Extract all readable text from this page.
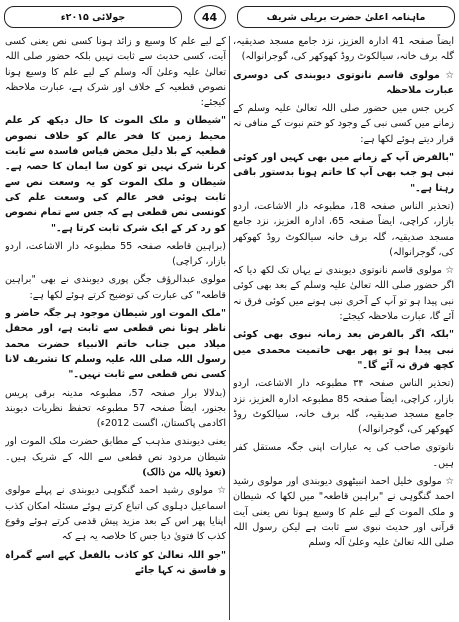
جولائی ۲۰۱۵ء	44	ماہنامہ اعلیٰ حضرت بریلی شریف

ایضاً صفحہ 41 ادارہ العزیز، نزد جامع مسجد صدیقیہ، گلہ برف خانہ، سیالکوٹ روڈ کھوکھر کی، گوجرانوالہ)

☆ مولوی قاسم نانوتوی دیوبندی کی دوسری عبارت ملاحظہ

کریں جس میں حضور صلی اللہ تعالیٰ علیہ وسلم کے زمانے میں کسی نبی کے وجود کو ختم نبوت کے منافی نہ قرار دیتے ہوئے لکھا ہے:

"بالفرض آپ کے زمانے میں بھی کہیں اور کوئی نبی ہو جب بھی آپ کا خاتم ہونا بدستور باقی رہتا ہے۔"

(تحذیر الناس صفحہ 18، مطبوعہ دار الاشاعت، اردو بازار، کراچی، ایضاً صفحہ 65، ادارہ العزیز، نزد جامع مسجد صدیقیہ، گلہ برف خانہ سیالکوٹ روڈ کھوکھر کی، گوجرانوالہ)

☆ مولوی قاسم نانوتوی دیوبندی نے یہاں تک لکھ دیا کہ اگر حضور صلی اللہ تعالیٰ علیہ وسلم کے بعد بھی کوئی نبی پیدا ہو تو آپ کے آخری نبی ہونے میں کوئی فرق نہ آئے گا، عبارت ملاحظہ کیجئے:

"بلکہ اگر بالفرض بعد زمانہ نبوی بھی کوئی نبی پیدا ہو تو پھر بھی خاتمیت محمدی میں کچھ فرق نہ آئے گا۔"

(تحذیر الناس صفحہ ۳۴ مطبوعہ دار الاشاعت، اردو بازار، کراچی، ایضاً صفحہ 85 مطبوعہ ادارہ العزیز، نزد جامع مسجد صدیقیہ، گلہ برف خانہ، سیالکوٹ روڈ کھوکھر کی، گوجرانوالہ)

نانوتوی صاحب کی یہ عبارات اپنی جگہ مستقل کفر ہیں۔

☆ مولوی خلیل احمد انبیٹھوی دیوبندی اور مولوی رشید احمد گنگوہی نے "براہین قاطعہ" میں لکھا کہ شیطان و ملک الموت کے لیے علم کا وسیع ہونا نص یعنی آیت قرآنی اور حدیث نبوی سے ثابت ہے لیکن رسول اللہ صلی اللہ تعالیٰ علیہ وعلیٰ آلہ وسلم

کے لیے علم کا وسیع و زائد ہونا کسی نص یعنی کسی آیت، کسی حدیث سے ثابت نہیں بلکہ حضور صلی اللہ تعالیٰ علیہ وعلیٰ آلہ وسلم کے لیے علم کا وسیع ہونا نصوص قطعیہ کے خلاف اور شرک ہے، عبارت ملاحظہ کیجئے:

"شیطان و ملک الموت کا حال دیکھ کر علم محیط زمین کا فخر عالم کو خلاف نصوص قطعیہ کے بلا دلیل محض قیاس فاسدہ سے ثابت کرنا شرک نہیں تو کون سا ایمان کا حصہ ہے۔ شیطان و ملک الموت کو یہ وسعت نص سے ثابت ہوئی فخر عالم کی وسعت علم کی کونسی نص قطعی ہے کہ جس سے تمام نصوص کو رد کر کے ایک شرک ثابت کرتا ہے۔"

(براہین قاطعہ صفحہ 55 مطبوعہ دار الاشاعت، اردو بازار، کراچی)

مولوی عبدالرؤف جگن پوری دیوبندی نے بھی "براہین قاطعہ" کی عبارت کی توضیح کرتے ہوئے لکھا ہے:

"ملک الموت اور شیطان موجود ہر جگہ حاضر و ناظر ہونا نص قطعی سے ثابت ہے، اور محفل میلاد میں جناب خاتم الانبیاء حضرت محمد رسول اللہ صلی اللہ علیہ وسلم کا تشریف لانا کسی نص قطعی سے ثابت نہیں۔"

(بدلالا برار صفحہ 57، مطبوعہ مدینہ برقی پریس بجنور، ایضاً صفحہ 57 مطبوعہ تحفظ نظریات دیوبند اکادمی پاکستان، اگست 2012ء)

یعنی دیوبندی مذہب کے مطابق حضرت ملک الموت اور شیطان مردود نص قطعی سے اللہ کے شریک ہیں۔ (نعوذ باللہ من ذالک)

☆ مولوی رشید احمد گنگوہی دیوبندی نے پہلے مولوی اسماعیل دہلوی کی اتباع کرتے ہوئے مسئلہ امکان کذب اپنایا پھر اس کے بعد مزید پیش قدمی کرتے ہوئے وقوع کذب کا فتویٰ دیا جس کا خلاصہ یہ ہے کہ

"جو اللہ تعالیٰ کو کاذب بالفعل کہے اسے گمراہ و فاسق نہ کہا جائے
